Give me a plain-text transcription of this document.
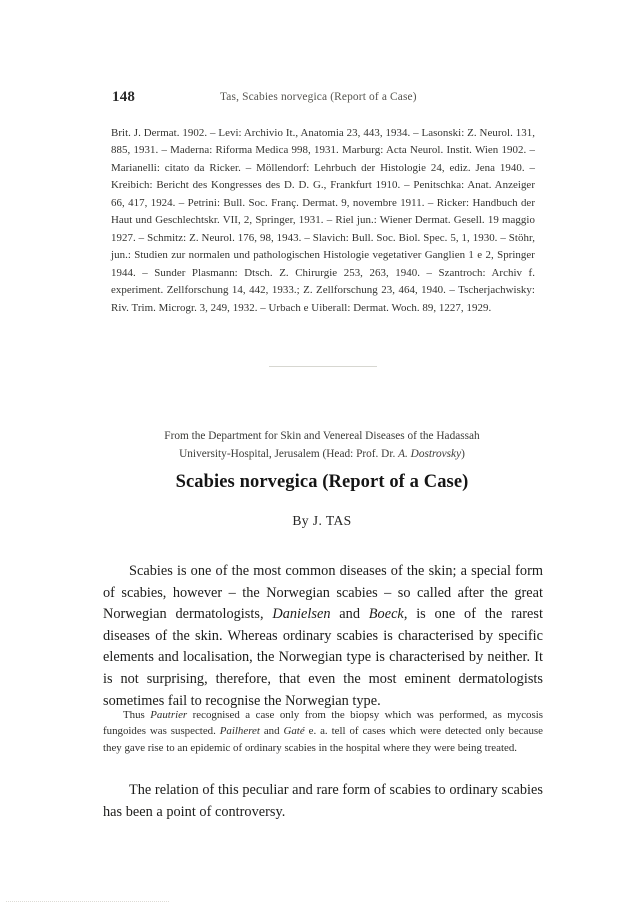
148	Tas, Scabies norvegica (Report of a Case)
Brit. J. Dermat. 1902. – Levi: Archivio It., Anatomia 23, 443, 1934. – Lasonski: Z. Neurol. 131, 885, 1931. – Maderna: Riforma Medica 998, 1931. Marburg: Acta Neurol. Instit. Wien 1902. – Marianelli: citato da Ricker. – Möllendorf: Lehrbuch der Histologie 24, ediz. Jena 1940. – Kreibich: Bericht des Kongresses des D. D. G., Frankfurt 1910. – Penitschka: Anat. Anzeiger 66, 417, 1924. – Petrini: Bull. Soc. Franç. Dermat. 9, novembre 1911. – Ricker: Handbuch der Haut und Geschlechtskr. VII, 2, Springer, 1931. – Riel jun.: Wiener Dermat. Gesell. 19 maggio 1927. – Schmitz: Z. Neurol. 176, 98, 1943. – Slavich: Bull. Soc. Biol. Spec. 5, 1, 1930. – Stöhr, jun.: Studien zur normalen und pathologischen Histologie vegetativer Ganglien 1 e 2, Springer 1944. – Sunder Plasmann: Dtsch. Z. Chirurgie 253, 263, 1940. – Szantroch: Archiv f. experiment. Zellforschung 14, 442, 1933.; Z. Zellforschung 23, 464, 1940. – Tscherjachwisky: Riv. Trim. Microgr. 3, 249, 1932. – Urbach e Uiberall: Dermat. Woch. 89, 1227, 1929.
From the Department for Skin and Venereal Diseases of the Hadassah
University-Hospital, Jerusalem (Head: Prof. Dr. A. Dostrovsky)
Scabies norvegica (Report of a Case)
By J. TAS
Scabies is one of the most common diseases of the skin; a special form of scabies, however – the Norwegian scabies – so called after the great Norwegian dermatologists, Danielsen and Boeck, is one of the rarest diseases of the skin. Whereas ordinary scabies is characterised by specific elements and localisation, the Norwegian type is characterised by neither. It is not surprising, therefore, that even the most eminent dermatologists sometimes fail to recognise the Norwegian type.
Thus Pautrier recognised a case only from the biopsy which was performed, as mycosis fungoides was suspected. Pailheret and Gaté e. a. tell of cases which were detected only because they gave rise to an epidemic of ordinary scabies in the hospital where they were being treated.
The relation of this peculiar and rare form of scabies to ordinary scabies has been a point of controversy.
